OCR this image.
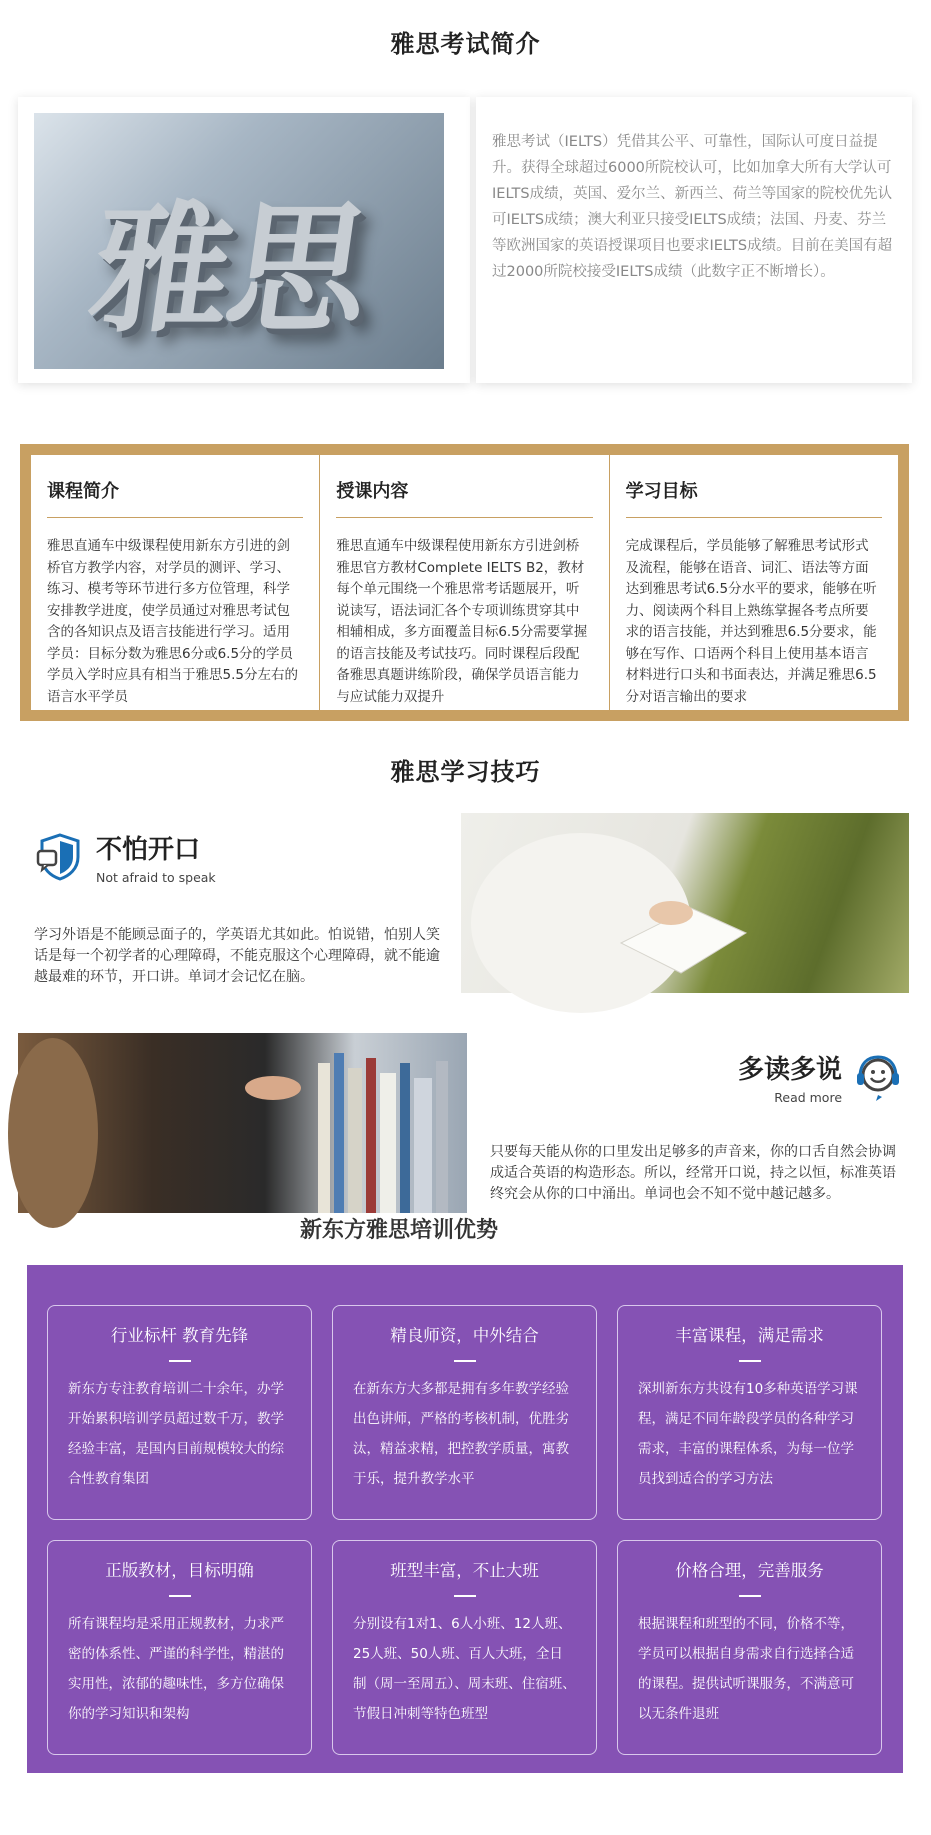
雅思考试简介
雅思

雅思考试（IELTS）凭借其公平、可靠性，国际认可度日益提升。获得全球超过6000所院校认可，比如加拿大所有大学认可IELTS成绩，英国、爱尔兰、新西兰、荷兰等国家的院校优先认可IELTS成绩；澳大利亚只接受IELTS成绩；法国、丹麦、芬兰等欧洲国家的英语授课项目也要求IELTS成绩。目前在美国有超过2000所院校接受IELTS成绩（此数字正不断增长）。

课程简介

雅思直通车中级课程使用新东方引进的剑桥官方教学内容，对学员的测评、学习、练习、模考等环节进行多方位管理，科学安排教学进度，使学员通过对雅思考试包含的各知识点及语言技能进行学习。适用学员：目标分数为雅思6分或6.5分的学员学员入学时应具有相当于雅思5.5分左右的语言水平学员

授课内容

雅思直通车中级课程使用新东方引进剑桥雅思官方教材Complete IELTS B2，教材每个单元围绕一个雅思常考话题展开，听说读写，语法词汇各个专项训练贯穿其中相辅相成，多方面覆盖目标6.5分需要掌握的语言技能及考试技巧。同时课程后段配备雅思真题讲练阶段，确保学员语言能力与应试能力双提升

学习目标

完成课程后，学员能够了解雅思考试形式及流程，能够在语音、词汇、语法等方面达到雅思考试6.5分水平的要求，能够在听力、阅读两个科目上熟练掌握各考点所要求的语言技能，并达到雅思6.5分要求，能够在写作、口语两个科目上使用基本语言材料进行口头和书面表达，并满足雅思6.5分对语言输出的要求

雅思学习技巧
不怕开口
Not afraid to speak

学习外语是不能顾忌面子的，学英语尤其如此。怕说错，怕别人笑话是每一个初学者的心理障碍，不能克服这个心理障碍，就不能逾越最难的环节，开口讲。单词才会记忆在脑。

多读多说
Read more

只要每天能从你的口里发出足够多的声音来，你的口舌自然会协调成适合英语的构造形态。所以，经常开口说，持之以恒，标准英语终究会从你的口中涌出。单词也会不知不觉中越记越多。

新东方雅思培训优势
行业标杆 教育先锋

新东方专注教育培训二十余年，办学开始累积培训学员超过数千万，教学经验丰富，是国内目前规模较大的综合性教育集团

精良师资，中外结合

在新东方大多都是拥有多年教学经验出色讲师，严格的考核机制，优胜劣汰，精益求精，把控教学质量，寓教于乐，提升教学水平

丰富课程，满足需求

深圳新东方共设有10多种英语学习课程，满足不同年龄段学员的各种学习需求，丰富的课程体系，为每一位学员找到适合的学习方法

正版教材，目标明确

所有课程均是采用正规教材，力求严密的体系性、严谨的科学性，精湛的实用性，浓郁的趣味性，多方位确保你的学习知识和架构

班型丰富，不止大班

分别设有1对1、6人小班、12人班、25人班、50人班、百人大班，全日制（周一至周五）、周末班、住宿班、节假日冲刺等特色班型

价格合理，完善服务

根据课程和班型的不同，价格不等，学员可以根据自身需求自行选择合适的课程。提供试听课服务，不满意可以无条件退班
